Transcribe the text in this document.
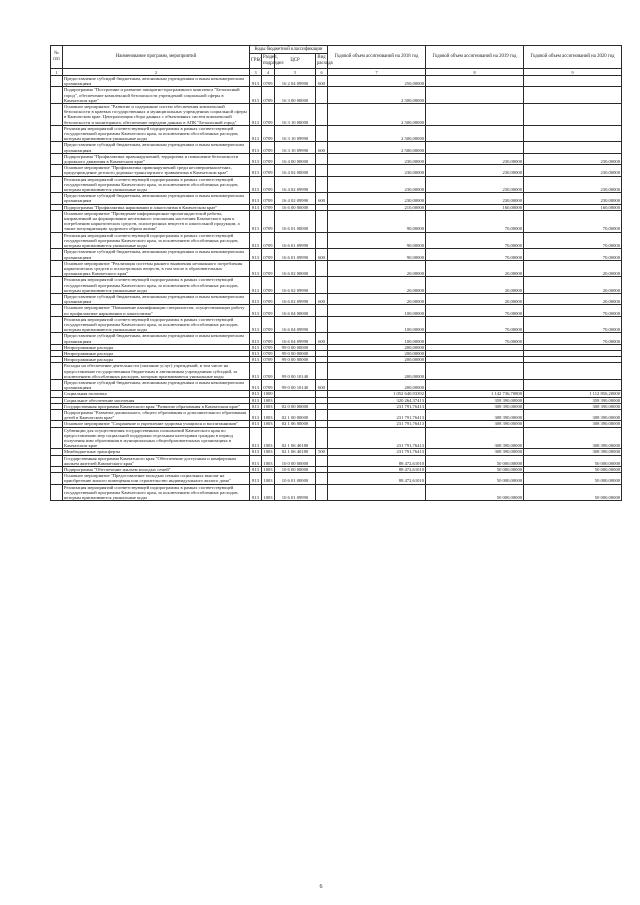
№ п/п	Наименование программ, мероприятий	Коды бюджетной классификации				Годовой объем ассигнований на 2018 год	Годовой объем ассигнований на 2019 год	Годовой объем ассигнований на 2020 год
		ГРБС	Раздел, подраздел	ЦСР	Вид расхода			
1	2	3	4	5	6	7	8	9
	Предоставление субсидий бюджетным, автономным учреждениям и иным некоммерческим организациям	813	0709	16 2 04 09990	600	250,00000		
	Подпрограмма "Построение и развитие аппаратно-программного комплекса "Безопасный город", обеспечение комплексной безопасности учреждений социальной сферы в Камчатском крае"	813	0709	16 3 00 00000		2 500,00000		
	Основное мероприятие "Развитие и содержание систем обеспечения комплексной безопасности в краевых государственных и муниципальных учреждениях социальной сферы в Камчатском крае. Централизация сбора данных с объективных систем комплексной безопасности и мониторинга, обеспечение передачи данных в АПК "Безопасный город"	813	0709	16 3 10 00000		2 500,00000		
	Реализация мероприятий соответствующей подпрограммы в рамках соответствующей государственной программы Камчатского края, за исключением обособленных расходов, которым присваиваются уникальные коды	813	0709	16 3 10 09990		2 500,00000		
	Предоставление субсидий бюджетным, автономным учреждениям и иным некоммерческим организациям	813	0709	16 3 10 09990	600	2 500,00000		
	Подпрограмма "Профилактика правонарушений, терроризма и повышение безопасности дорожного движения в Камчатском крае"	813	0709	16 4 00 00000		230,00000	230,00000	230,00000
	Основное мероприятие "Профилактика правонарушений среди несовершеннолетних, предупреждение детского дорожно-транспортного травматизма в Камчатском крае"	813	0709	16 4 02 00000		230,00000	230,00000	230,00000
	Реализация мероприятий соответствующей подпрограммы в рамках соответствующей государственной программы Камчатского края, за исключением обособленных расходов, которым присваиваются уникальные коды	813	0709	16 4 02 09990		230,00000	230,00000	230,00000
	Предоставление субсидий бюджетным, автономным учреждениям и иным некоммерческим организациям	813	0709	16 4 02 09990	600	230,00000	230,00000	230,00000
	Подпрограмма "Профилактика наркомании и алкоголизма в Камчатском крае"	813	0709	16 6 00 00000		210,00000	160,00000	160,00000
	Основное мероприятие "Проведение информационно-пропагандистской работы, направленной на формирование негативного отношения населения Камчатского края к потреблению наркотических средств, психотропных веществ и алкогольной продукции, а также популяризацию здорового образа жизни"	813	0709	16 6 01 00000		90,00000	70,00000	70,00000
	Реализация мероприятий соответствующей подпрограммы в рамках соответствующей государственной программы Камчатского края, за исключением обособленных расходов, которым присваиваются уникальные коды	813	0709	16 6 01 09990		90,00000	70,00000	70,00000
	Предоставление субсидий бюджетным, автономным учреждениям и иным некоммерческим организациям	813	0709	16 6 01 09990	600	90,00000	70,00000	70,00000
	Основное мероприятие "Реализация системы раннего выявления незаконного потребления наркотических средств и психотропных веществ, в том числе в образовательных организациях Камчатского края"	813	0709	16 6 02 00000		20,00000	20,00000	20,00000
	Реализация мероприятий соответствующей подпрограммы в рамках соответствующей государственной программы Камчатского края, за исключением обособленных расходов, которым присваиваются уникальные коды	813	0709	16 6 02 09990		20,00000	20,00000	20,00000
	Предоставление субсидий бюджетным, автономным учреждениям и иным некоммерческим организациям	813	0709	16 6 02 09990	600	20,00000	20,00000	20,00000
	Основное мероприятие "Повышение квалификации специалистов, осуществляющих работу по профилактике наркомании и алкоголизма"	813	0709	16 6 04 00000		100,00000	70,00000	70,00000
	Реализация мероприятий соответствующей подпрограммы в рамках соответствующей государственной программы Камчатского края, за исключением обособленных расходов, которым присваиваются уникальные коды	813	0709	16 6 04 09990		100,00000	70,00000	70,00000
	Предоставление субсидий бюджетным, автономным учреждениям и иным некоммерческим организациям	813	0709	16 6 04 09990	600	100,00000	70,00000	70,00000
	Непрограммные расходы	813	0709	99 0 00 00000		200,00000		
	Непрограммные расходы	813	0709	99 0 00 00000		200,00000		
	Непрограммные расходы	813	0709	99 0 00 00000		200,00000		
	Расходы на обеспечение деятельности (оказание услуг) учреждений, в том числе на предоставление государственным бюджетным и автономным учреждениям субсидий, за исключением обособленных расходов, которым присваиваются уникальные коды	813	0709	99 0 00 10140		200,00000		
	Предоставление субсидий бюджетным, автономным учреждениям и иным некоммерческим организациям	813	0709	99 0 00 10140	600	200,00000		
	Социальная политика	813	1000			1 052 640,93392	1 142 736,70800	1 112 856,20000
	Социальное обеспечение населения	813	1003			320 264,37413	358 390,00000	358 390,00000
	Государственная программа Камчатского края "Развитие образования в Камчатском крае"	813	1003	02 0 00 00000		231 791,76413	308 390,00000	308 390,00000
	Подпрограмма "Развитие дошкольного, общего образования и дополнительного образования детей в Камчатском крае"	813	1003	02 1 00 00000		231 791,76413	308 390,00000	308 390,00000
	Основное мероприятие "Сохранение и укрепление здоровья учащихся и воспитанников"	813	1003	02 1 06 00000		231 791,76413	308 390,00000	308 390,00000
	Субвенции для осуществления государственных полномочий Камчатского края по предоставлению мер социальной поддержки отдельным категориям граждан в период получения ими образования в муниципальных общеобразовательных организациях в Камчатском крае	813	1003	02 1 06 40180		231 791,76413	308 390,00000	308 390,00000
	Межбюджетные трансферты	813	1003	02 1 06 40180	500	231 791,76413	308 390,00000	308 390,00000
	Государственная программа Камчатского края "Обеспечение доступным и комфортным жильем жителей Камчатского края"	813	1003	10 0 00 00000		88 472,61010	50 000,00000	50 000,00000
	Подпрограмма "Обеспечение жильем молодых семей"	813	1003	10 6 00 00000		88 472,61010	50 000,00000	50 000,00000
	Основное мероприятие "Предоставление молодым семьям социальных выплат на приобретение жилого помещения или строительство индивидуального жилого дома"	813	1003	10 6 01 00000		88 472,61010	50 000,00000	50 000,00000
	Реализация мероприятий соответствующей подпрограммы в рамках соответствующей государственной программы Камчатского края, за исключением обособленных расходов, которым присваиваются уникальные коды	813	1003	10 6 01 09990			50 000,00000	50 000,00000
6
